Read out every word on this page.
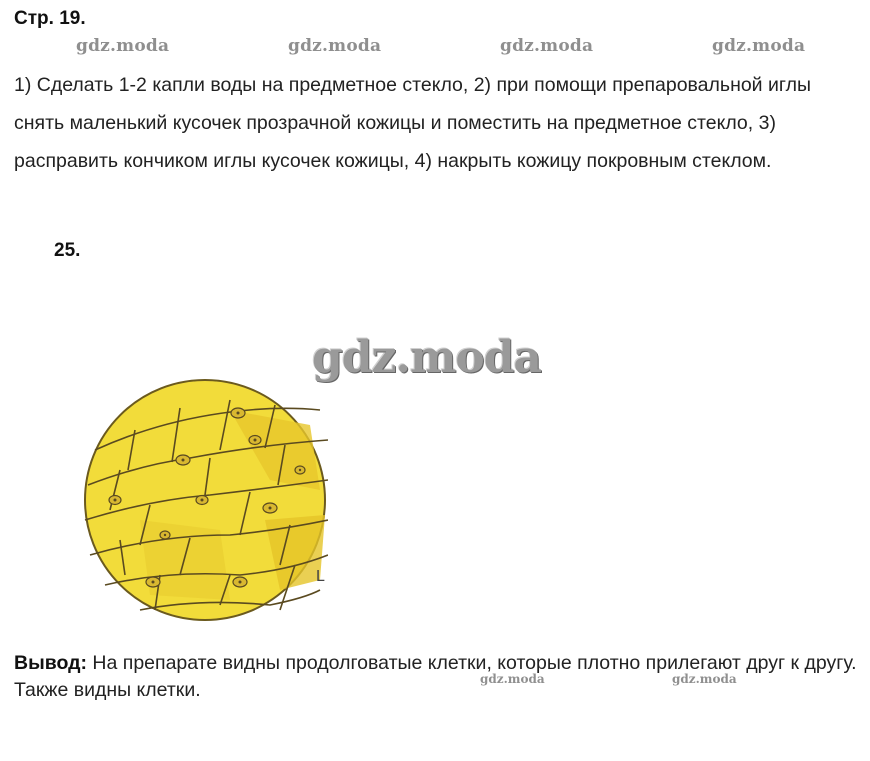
Стр. 19.
gdz.moda	gdz.moda	gdz.moda	gdz.moda
1) Сделать 1-2 капли воды на предметное стекло, 2) при помощи препаровальной иглы снять маленький кусочек прозрачной кожицы и поместить на предметное стекло, 3) расправить кончиком иглы кусочек кожицы, 4) накрыть кожицу покровным стеклом.
25.
gdz.moda
L
Вывод: На препарате видны продолговатые клетки, которые плотно прилегают друг к другу. Также видны клетки.	gdz.moda	gdz.moda
